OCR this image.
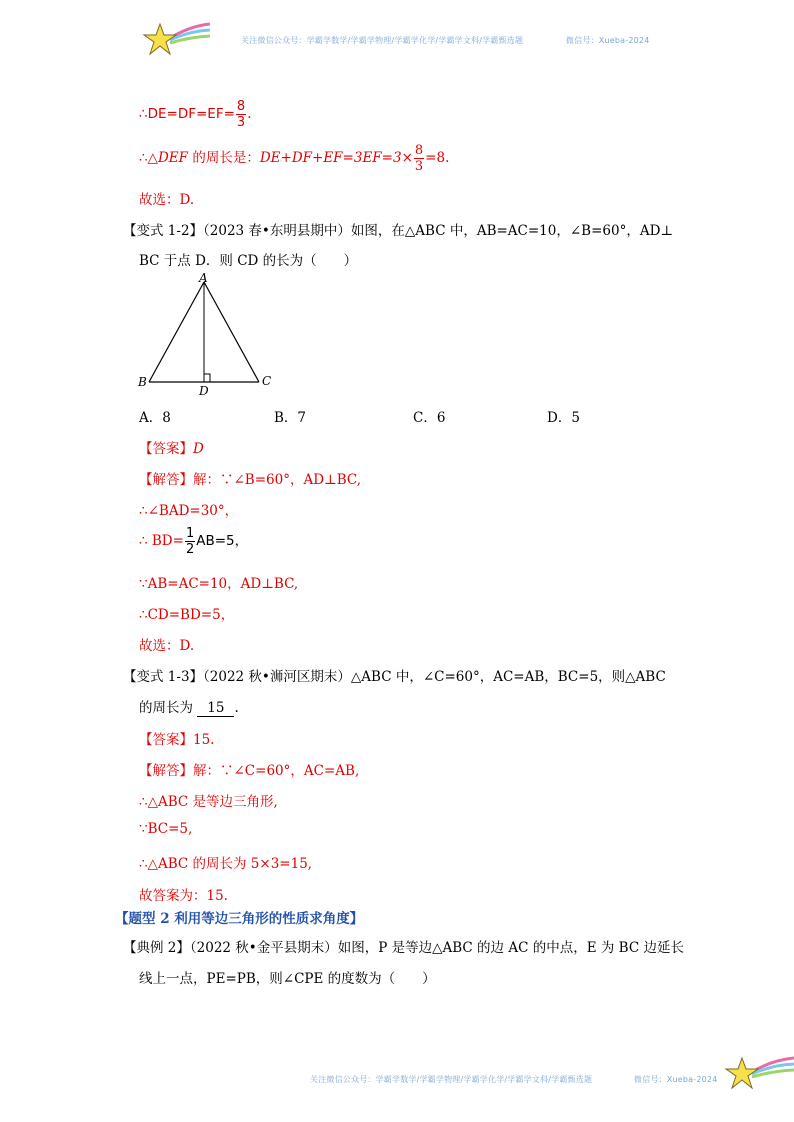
关注微信公众号：学霸学数学/学霸学物理/学霸学化学/学霸学文科/学霸甄选题	微信号：Xueba-2024
∴DE=DF=EF= $\frac{8}{3}$ .
∴△DEF 的周长是：$DE+DF+EF=3EF=3\times \frac{8}{3} =8$.
故选：D.
【变式 1-2】（2023 春•东明县期中）如图，在△ABC 中，AB=AC=10，∠B=60°，AD⊥
BC 于点 D．则 CD 的长为（　　）
A
B	C
D
A．8	B．7	C．6	D．5
【答案】D
【解答】解：∵∠B=60°，AD⊥BC,
∴∠BAD=30°，
∴ $BD= \frac{1}{2} AB=5$，
∵AB=AC=10，AD⊥BC,
∴CD=BD=5，
故选：D.
【变式 1-3】（2022 秋•浉河区期末）△ABC 中，∠C=60°，AC=AB，BC=5，则△ABC
的周长为 15 .
【答案】15.
【解答】解：∵∠C=60°，AC=AB,
∴△ABC 是等边三角形,
∵BC=5,
∴△ABC 的周长为 5×3=15,
故答案为：15.
【题型 2 利用等边三角形的性质求角度】
【典例 2】（2022 秋•金平县期末）如图，P 是等边△ABC 的边 AC 的中点，E 为 BC 边延长
线上一点，PE=PB，则∠CPE 的度数为（　　）
关注微信公众号：学霸学数学/学霸学物理/学霸学化学/学霸学文科/学霸甄选题	微信号：Xueba-2024
